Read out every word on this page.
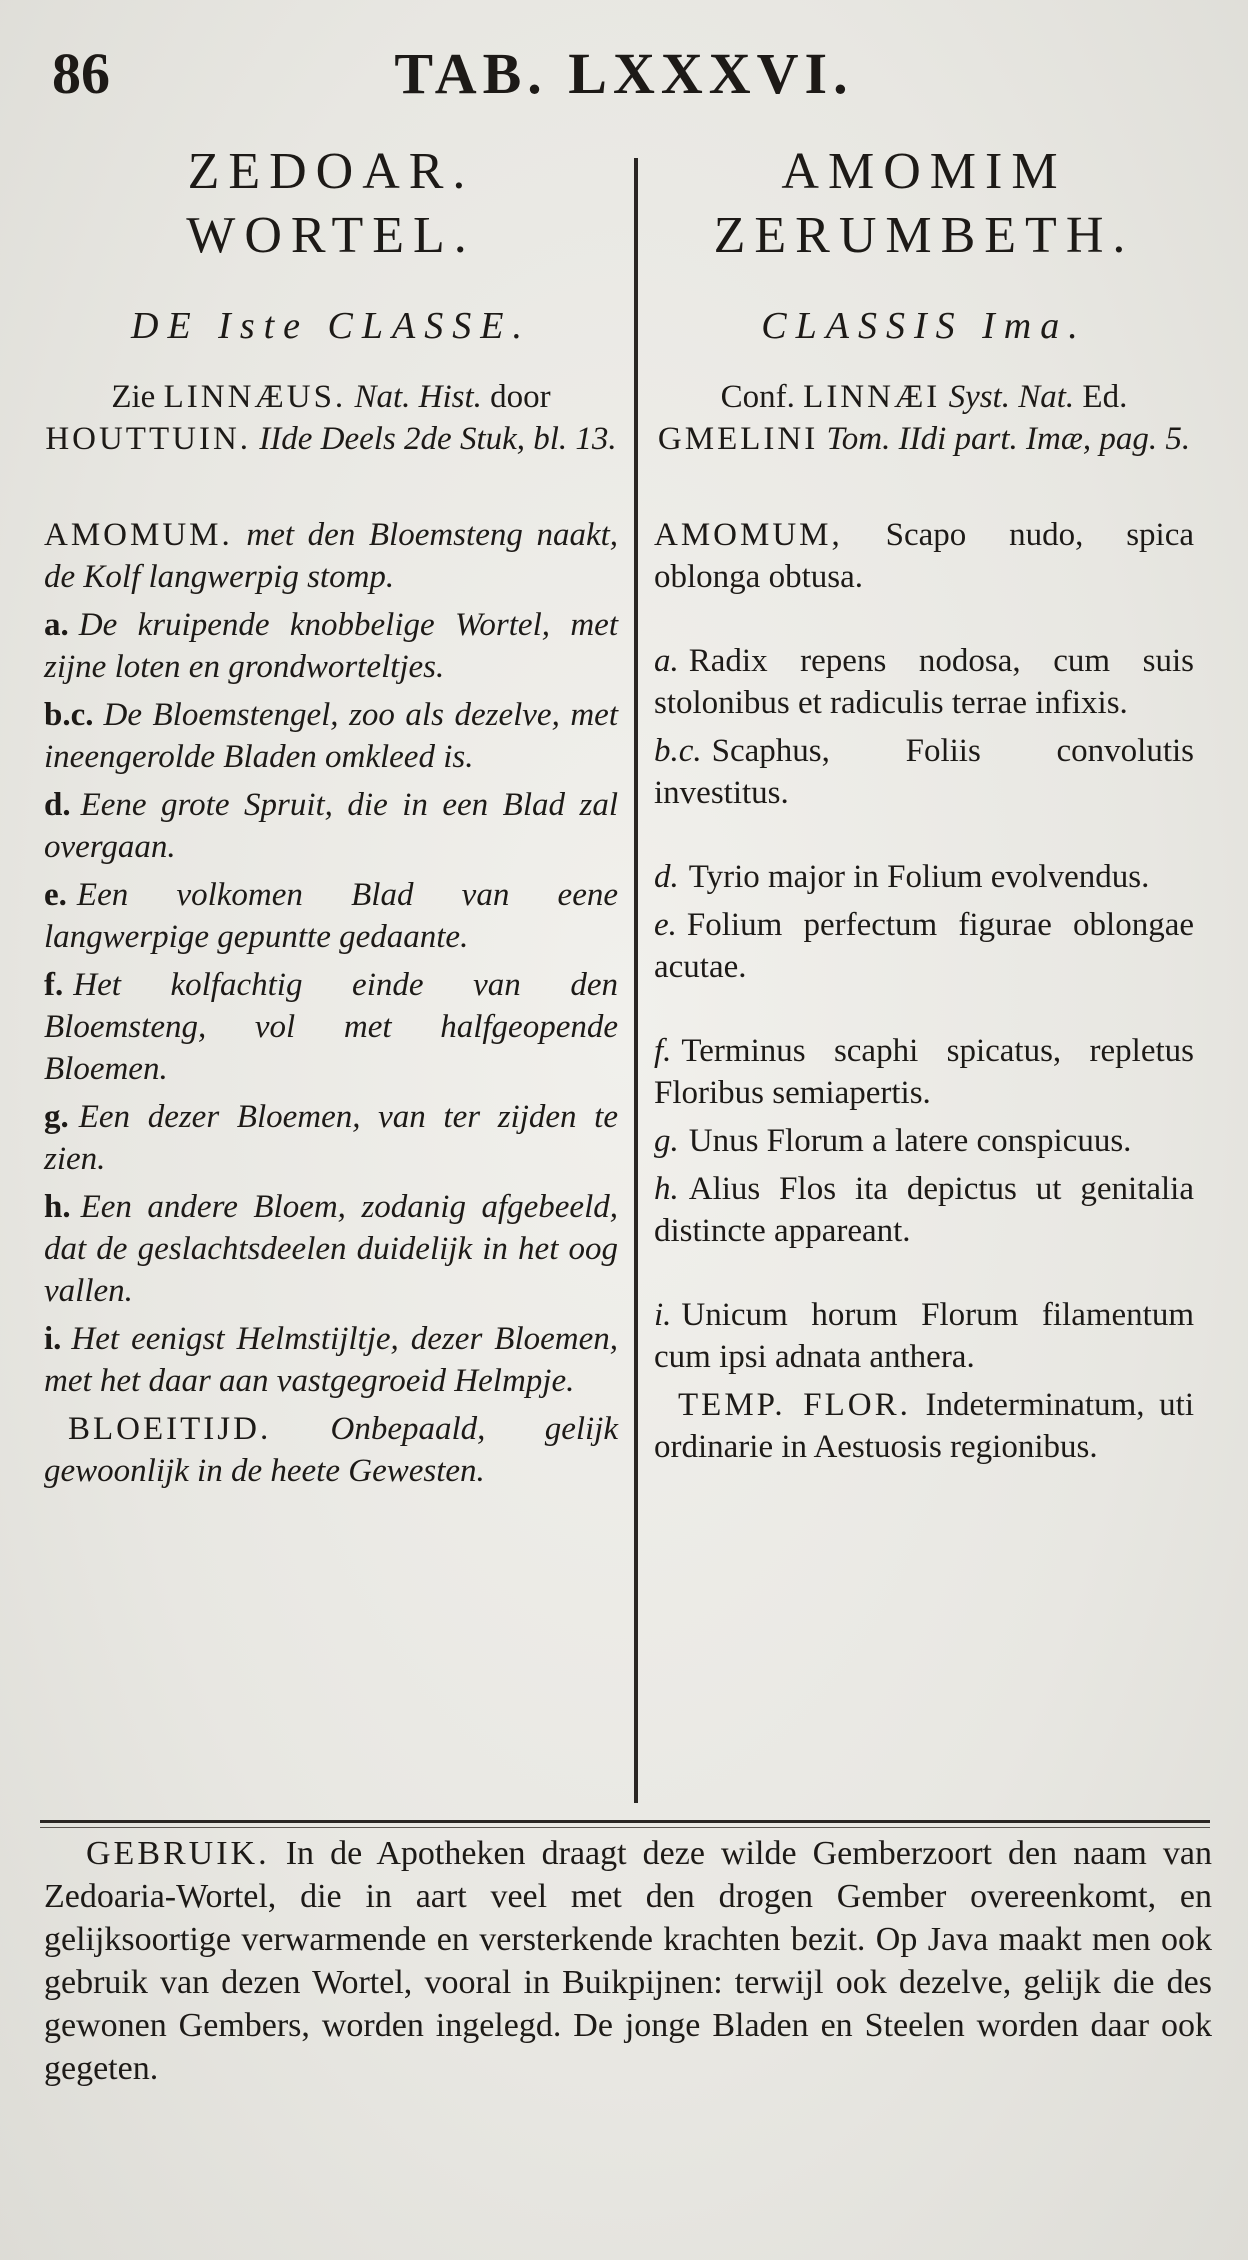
86	TAB. LXXXVI.
ZEDOAR.
WORTEL.
DE Iste CLASSE.
Zie LINNÆUS. Nat. Hist. door HOUTTUIN. IIde Deels 2de Stuk, bl. 13.
AMOMUM. met den Bloemsteng naakt, de Kolf langwerpig stomp.
a. De kruipende knobbelige Wortel, met zijne loten en grondworteltjes.
b.c. De Bloemstengel, zoo als dezelve, met ineengerolde Bladen omkleed is.
d. Eene grote Spruit, die in een Blad zal overgaan.
e. Een volkomen Blad van eene langwerpige gepuntte gedaante.
f. Het kolfachtig einde van den Bloemsteng, vol met halfgeopende Bloemen.
g. Een dezer Bloemen, van ter zijden te zien.
h. Een andere Bloem, zodanig afgebeeld, dat de geslachtsdeelen duidelijk in het oog vallen.
i. Het eenigst Helmstijltje, dezer Bloemen, met het daar aan vastgegroeid Helmpje.
BLOEITIJD. Onbepaald, gelijk gewoonlijk in de heete Gewesten.
AMOMIM
ZERUMBETH.
CLASSIS Ima.
Conf. LINNÆI Syst. Nat. Ed. GMELINI Tom. IIdi part. Imæ, pag. 5.
AMOMUM, Scapo nudo, spica oblonga obtusa.
a. Radix repens nodosa, cum suis stolonibus et radiculis terrae infixis.
b.c. Scaphus, Foliis convolutis investitus.
d. Tyrio major in Folium evolvendus.
e. Folium perfectum figurae oblongae acutae.
f. Terminus scaphi spicatus, repletus Floribus semiapertis.
g. Unus Florum a latere conspicuus.
h. Alius Flos ita depictus ut genitalia distincte appareant.
i. Unicum horum Florum filamentum cum ipsi adnata anthera.
TEMP. FLOR. Indeterminatum, uti ordinarie in Aestuosis regionibus.
GEBRUIK. In de Apotheken draagt deze wilde Gemberzoort den naam van Zedoaria-Wortel, die in aart veel met den drogen Gember overeenkomt, en gelijksoortige verwarmende en versterkende krachten bezit. Op Java maakt men ook gebruik van dezen Wortel, vooral in Buikpijnen: terwijl ook dezelve, gelijk die des gewonen Gembers, worden ingelegd. De jonge Bladen en Steelen worden daar ook gegeten.
